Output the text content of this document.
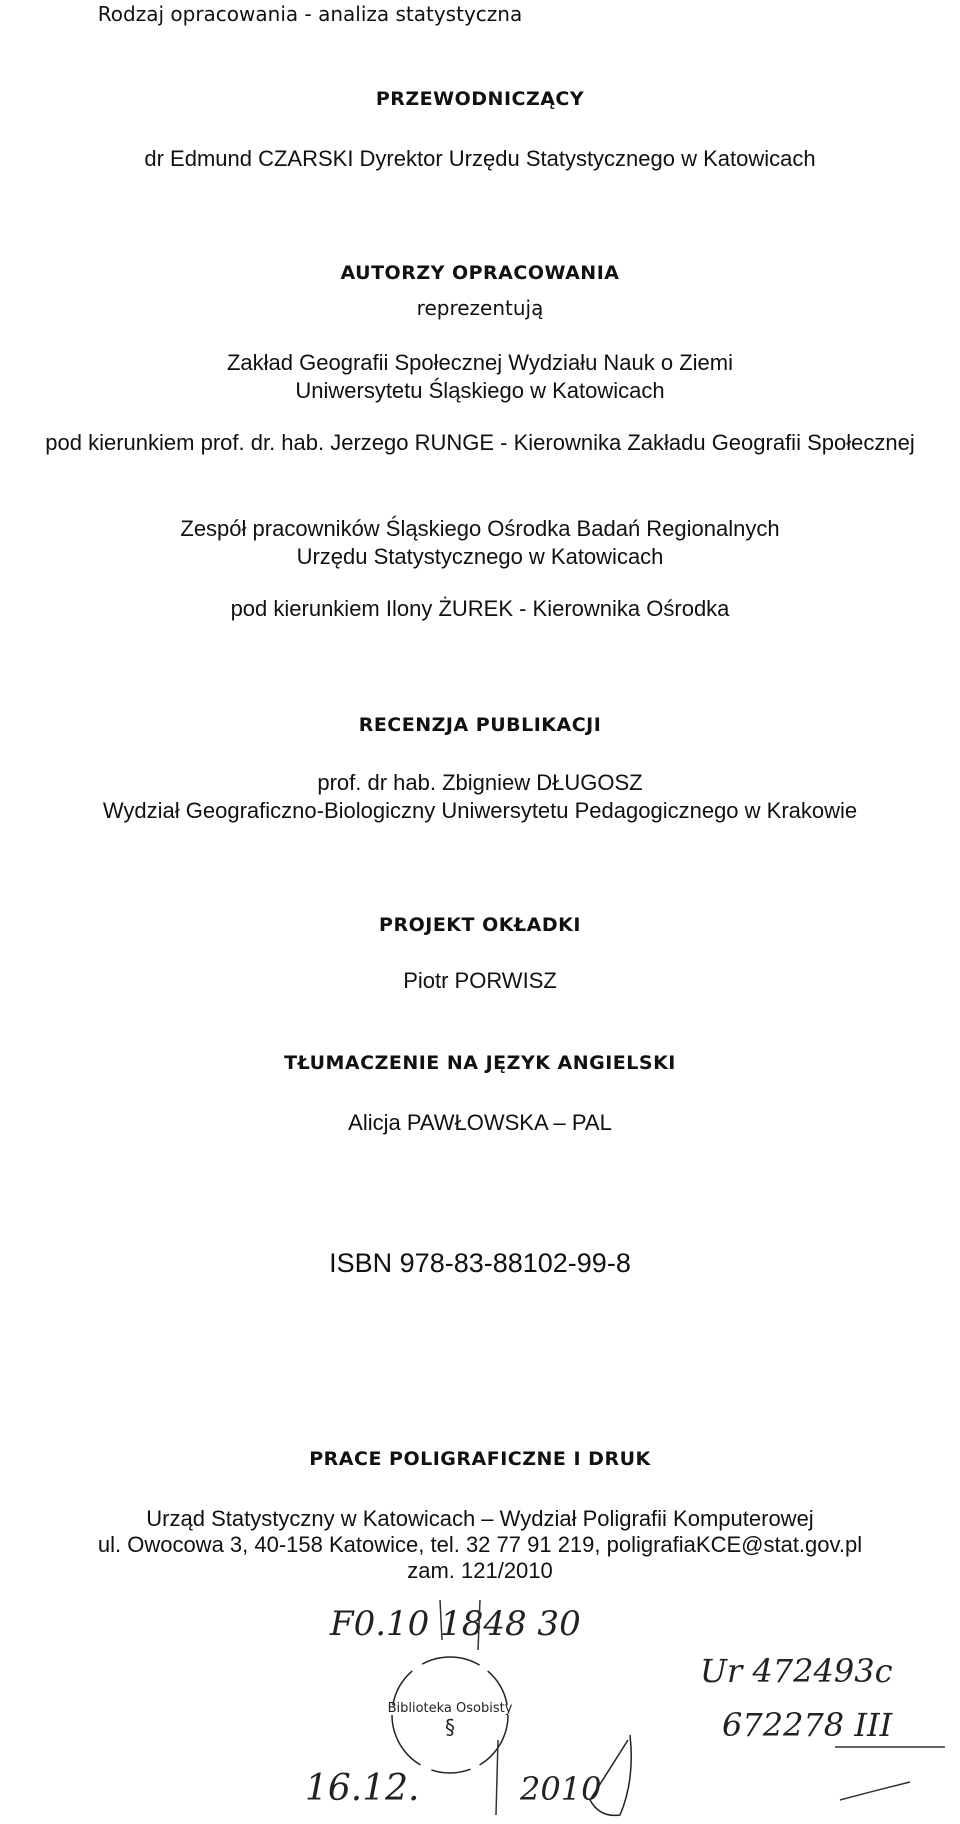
Rodzaj opracowania - analiza statystyczna
PRZEWODNICZĄCY
dr Edmund CZARSKI Dyrektor Urzędu Statystycznego w Katowicach
AUTORZY OPRACOWANIA
reprezentują
Zakład Geografii Społecznej Wydziału Nauk o Ziemi
Uniwersytetu Śląskiego w Katowicach
pod kierunkiem prof. dr. hab. Jerzego RUNGE - Kierownika Zakładu Geografii Społecznej
Zespół pracowników Śląskiego Ośrodka Badań Regionalnych
Urzędu Statystycznego w Katowicach
pod kierunkiem Ilony ŻUREK - Kierownika Ośrodka
RECENZJA PUBLIKACJI
prof. dr hab. Zbigniew DŁUGOSZ
Wydział Geograficzno-Biologiczny Uniwersytetu Pedagogicznego w Krakowie
PROJEKT OKŁADKI
Piotr PORWISZ
TŁUMACZENIE NA JĘZYK ANGIELSKI
Alicja PAWŁOWSKA – PAL
ISBN 978-83-88102-99-8
PRACE POLIGRAFICZNE I DRUK
Urząd Statystyczny w Katowicach – Wydział Poligrafii Komputerowej
ul. Owocowa 3, 40-158 Katowice, tel. 32 77 91 219, poligrafiaKCE@stat.gov.pl
zam. 121/2010
F0.10 1848 30
16.12.
Ur 472493c
672278 III
2010
Biblioteka Osobisty
§
